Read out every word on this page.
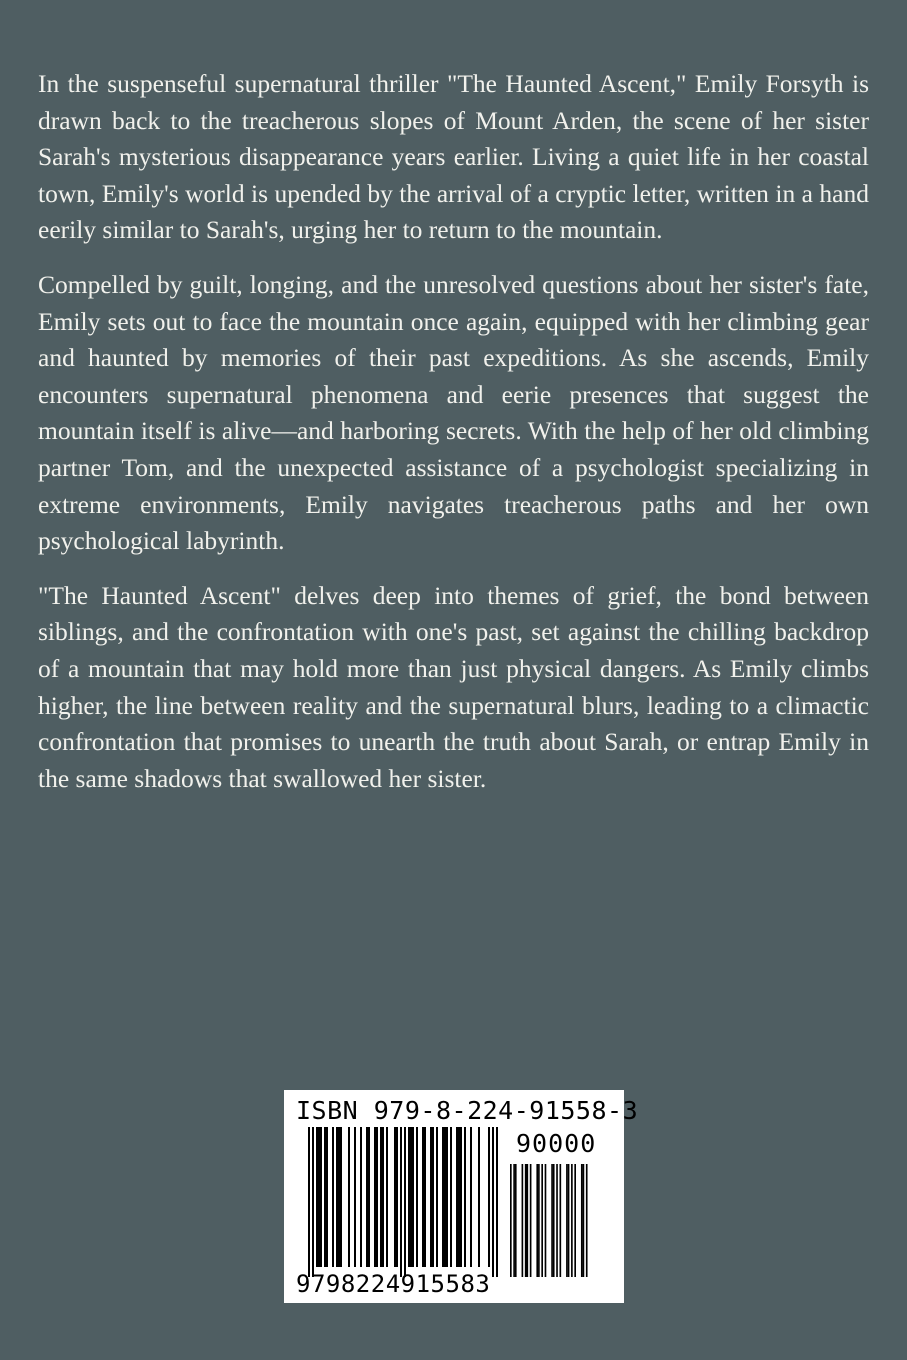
In the suspenseful supernatural thriller "The Haunted Ascent," Emily Forsyth is drawn back to the treacherous slopes of Mount Arden, the scene of her sister Sarah's mysterious disappearance years earlier. Living a quiet life in her coastal town, Emily's world is upended by the arrival of a cryptic letter, written in a hand eerily similar to Sarah's, urging her to return to the mountain.

Compelled by guilt, longing, and the unresolved questions about her sister's fate, Emily sets out to face the mountain once again, equipped with her climbing gear and haunted by memories of their past expeditions. As she ascends, Emily encounters supernatural phenomena and eerie presences that suggest the mountain itself is alive—and harboring secrets. With the help of her old climbing partner Tom, and the unexpected assistance of a psychologist specializing in extreme environments, Emily navigates treacherous paths and her own psychological labyrinth.

"The Haunted Ascent" delves deep into themes of grief, the bond between siblings, and the confrontation with one's past, set against the chilling backdrop of a mountain that may hold more than just physical dangers. As Emily climbs higher, the line between reality and the supernatural blurs, leading to a climactic confrontation that promises to unearth the truth about Sarah, or entrap Emily in the same shadows that swallowed her sister.

ISBN 979-8-224-91558-3
90000
9798224915583
